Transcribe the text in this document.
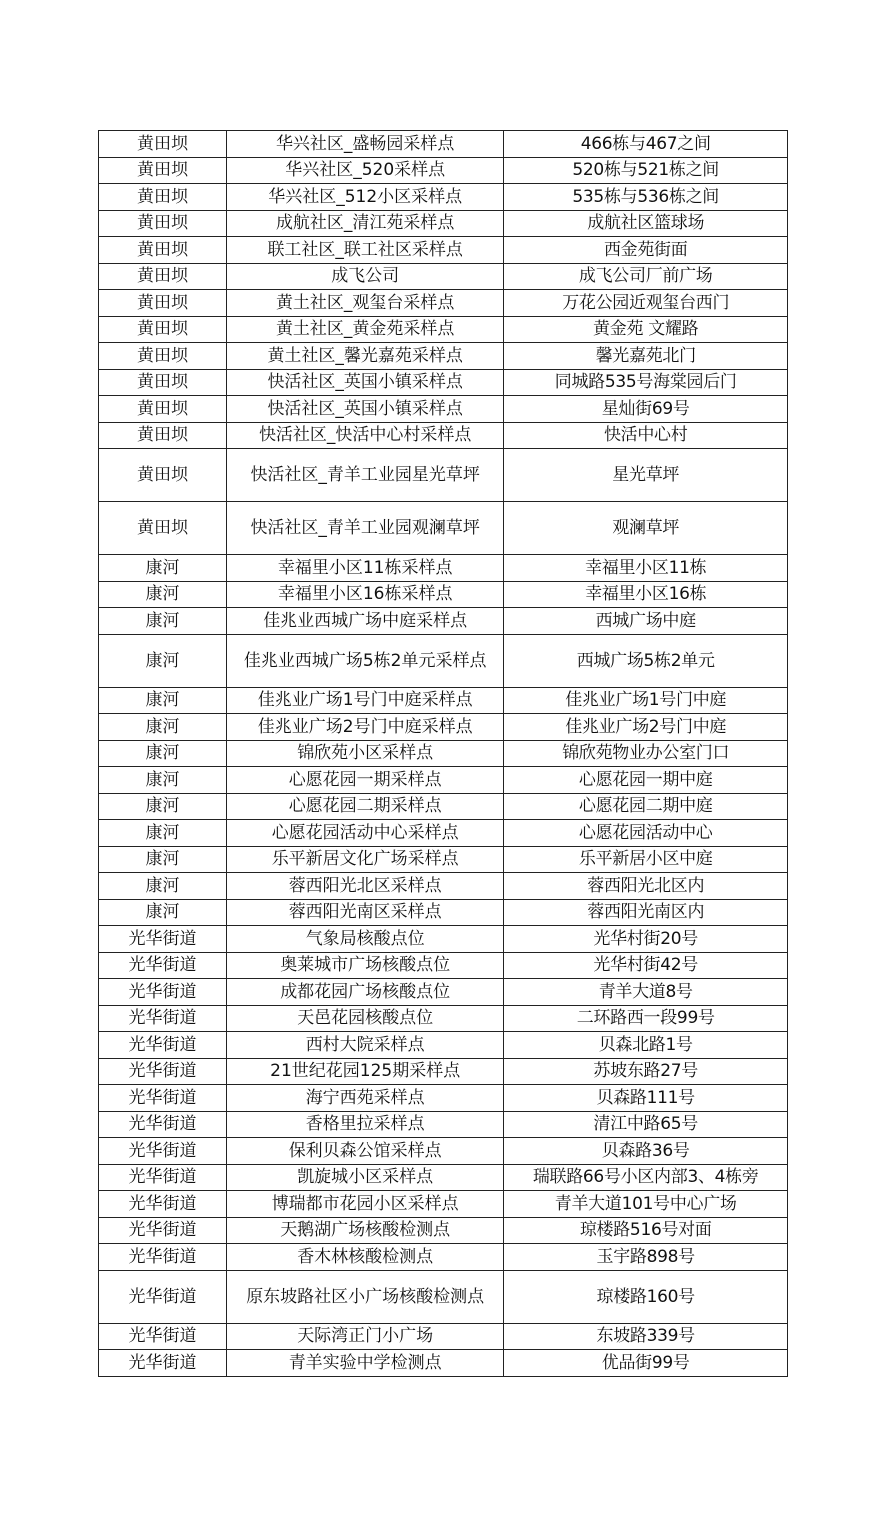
黄田坝	华兴社区_盛畅园采样点	466栋与467之间
黄田坝	华兴社区_520采样点	520栋与521栋之间
黄田坝	华兴社区_512小区采样点	535栋与536栋之间
黄田坝	成航社区_清江苑采样点	成航社区篮球场
黄田坝	联工社区_联工社区采样点	西金苑街面
黄田坝	成飞公司	成飞公司厂前广场
黄田坝	黄土社区_观玺台采样点	万花公园近观玺台西门
黄田坝	黄土社区_黄金苑采样点	黄金苑 文耀路
黄田坝	黄土社区_馨光嘉苑采样点	馨光嘉苑北门
黄田坝	快活社区_英国小镇采样点	同城路535号海棠园后门
黄田坝	快活社区_英国小镇采样点	星灿街69号
黄田坝	快活社区_快活中心村采样点	快活中心村
黄田坝	快活社区_青羊工业园星光草坪	星光草坪
黄田坝	快活社区_青羊工业园观澜草坪	观澜草坪
康河	幸福里小区11栋采样点	幸福里小区11栋
康河	幸福里小区16栋采样点	幸福里小区16栋
康河	佳兆业西城广场中庭采样点	西城广场中庭
康河	佳兆业西城广场5栋2单元采样点	西城广场5栋2单元
康河	佳兆业广场1号门中庭采样点	佳兆业广场1号门中庭
康河	佳兆业广场2号门中庭采样点	佳兆业广场2号门中庭
康河	锦欣苑小区采样点	锦欣苑物业办公室门口
康河	心愿花园一期采样点	心愿花园一期中庭
康河	心愿花园二期采样点	心愿花园二期中庭
康河	心愿花园活动中心采样点	心愿花园活动中心
康河	乐平新居文化广场采样点	乐平新居小区中庭
康河	蓉西阳光北区采样点	蓉西阳光北区内
康河	蓉西阳光南区采样点	蓉西阳光南区内
光华街道	气象局核酸点位	光华村街20号
光华街道	奥莱城市广场核酸点位	光华村街42号
光华街道	成都花园广场核酸点位	青羊大道8号
光华街道	天邑花园核酸点位	二环路西一段99号
光华街道	西村大院采样点	贝森北路1号
光华街道	21世纪花园125期采样点	苏坡东路27号
光华街道	海宁西苑采样点	贝森路111号
光华街道	香格里拉采样点	清江中路65号
光华街道	保利贝森公馆采样点	贝森路36号
光华街道	凯旋城小区采样点	瑞联路66号小区内部3、4栋旁
光华街道	博瑞都市花园小区采样点	青羊大道101号中心广场
光华街道	天鹅湖广场核酸检测点	琼楼路516号对面
光华街道	香木林核酸检测点	玉宇路898号
光华街道	原东坡路社区小广场核酸检测点	琼楼路160号
光华街道	天际湾正门小广场	东坡路339号
光华街道	青羊实验中学检测点	优品街99号
